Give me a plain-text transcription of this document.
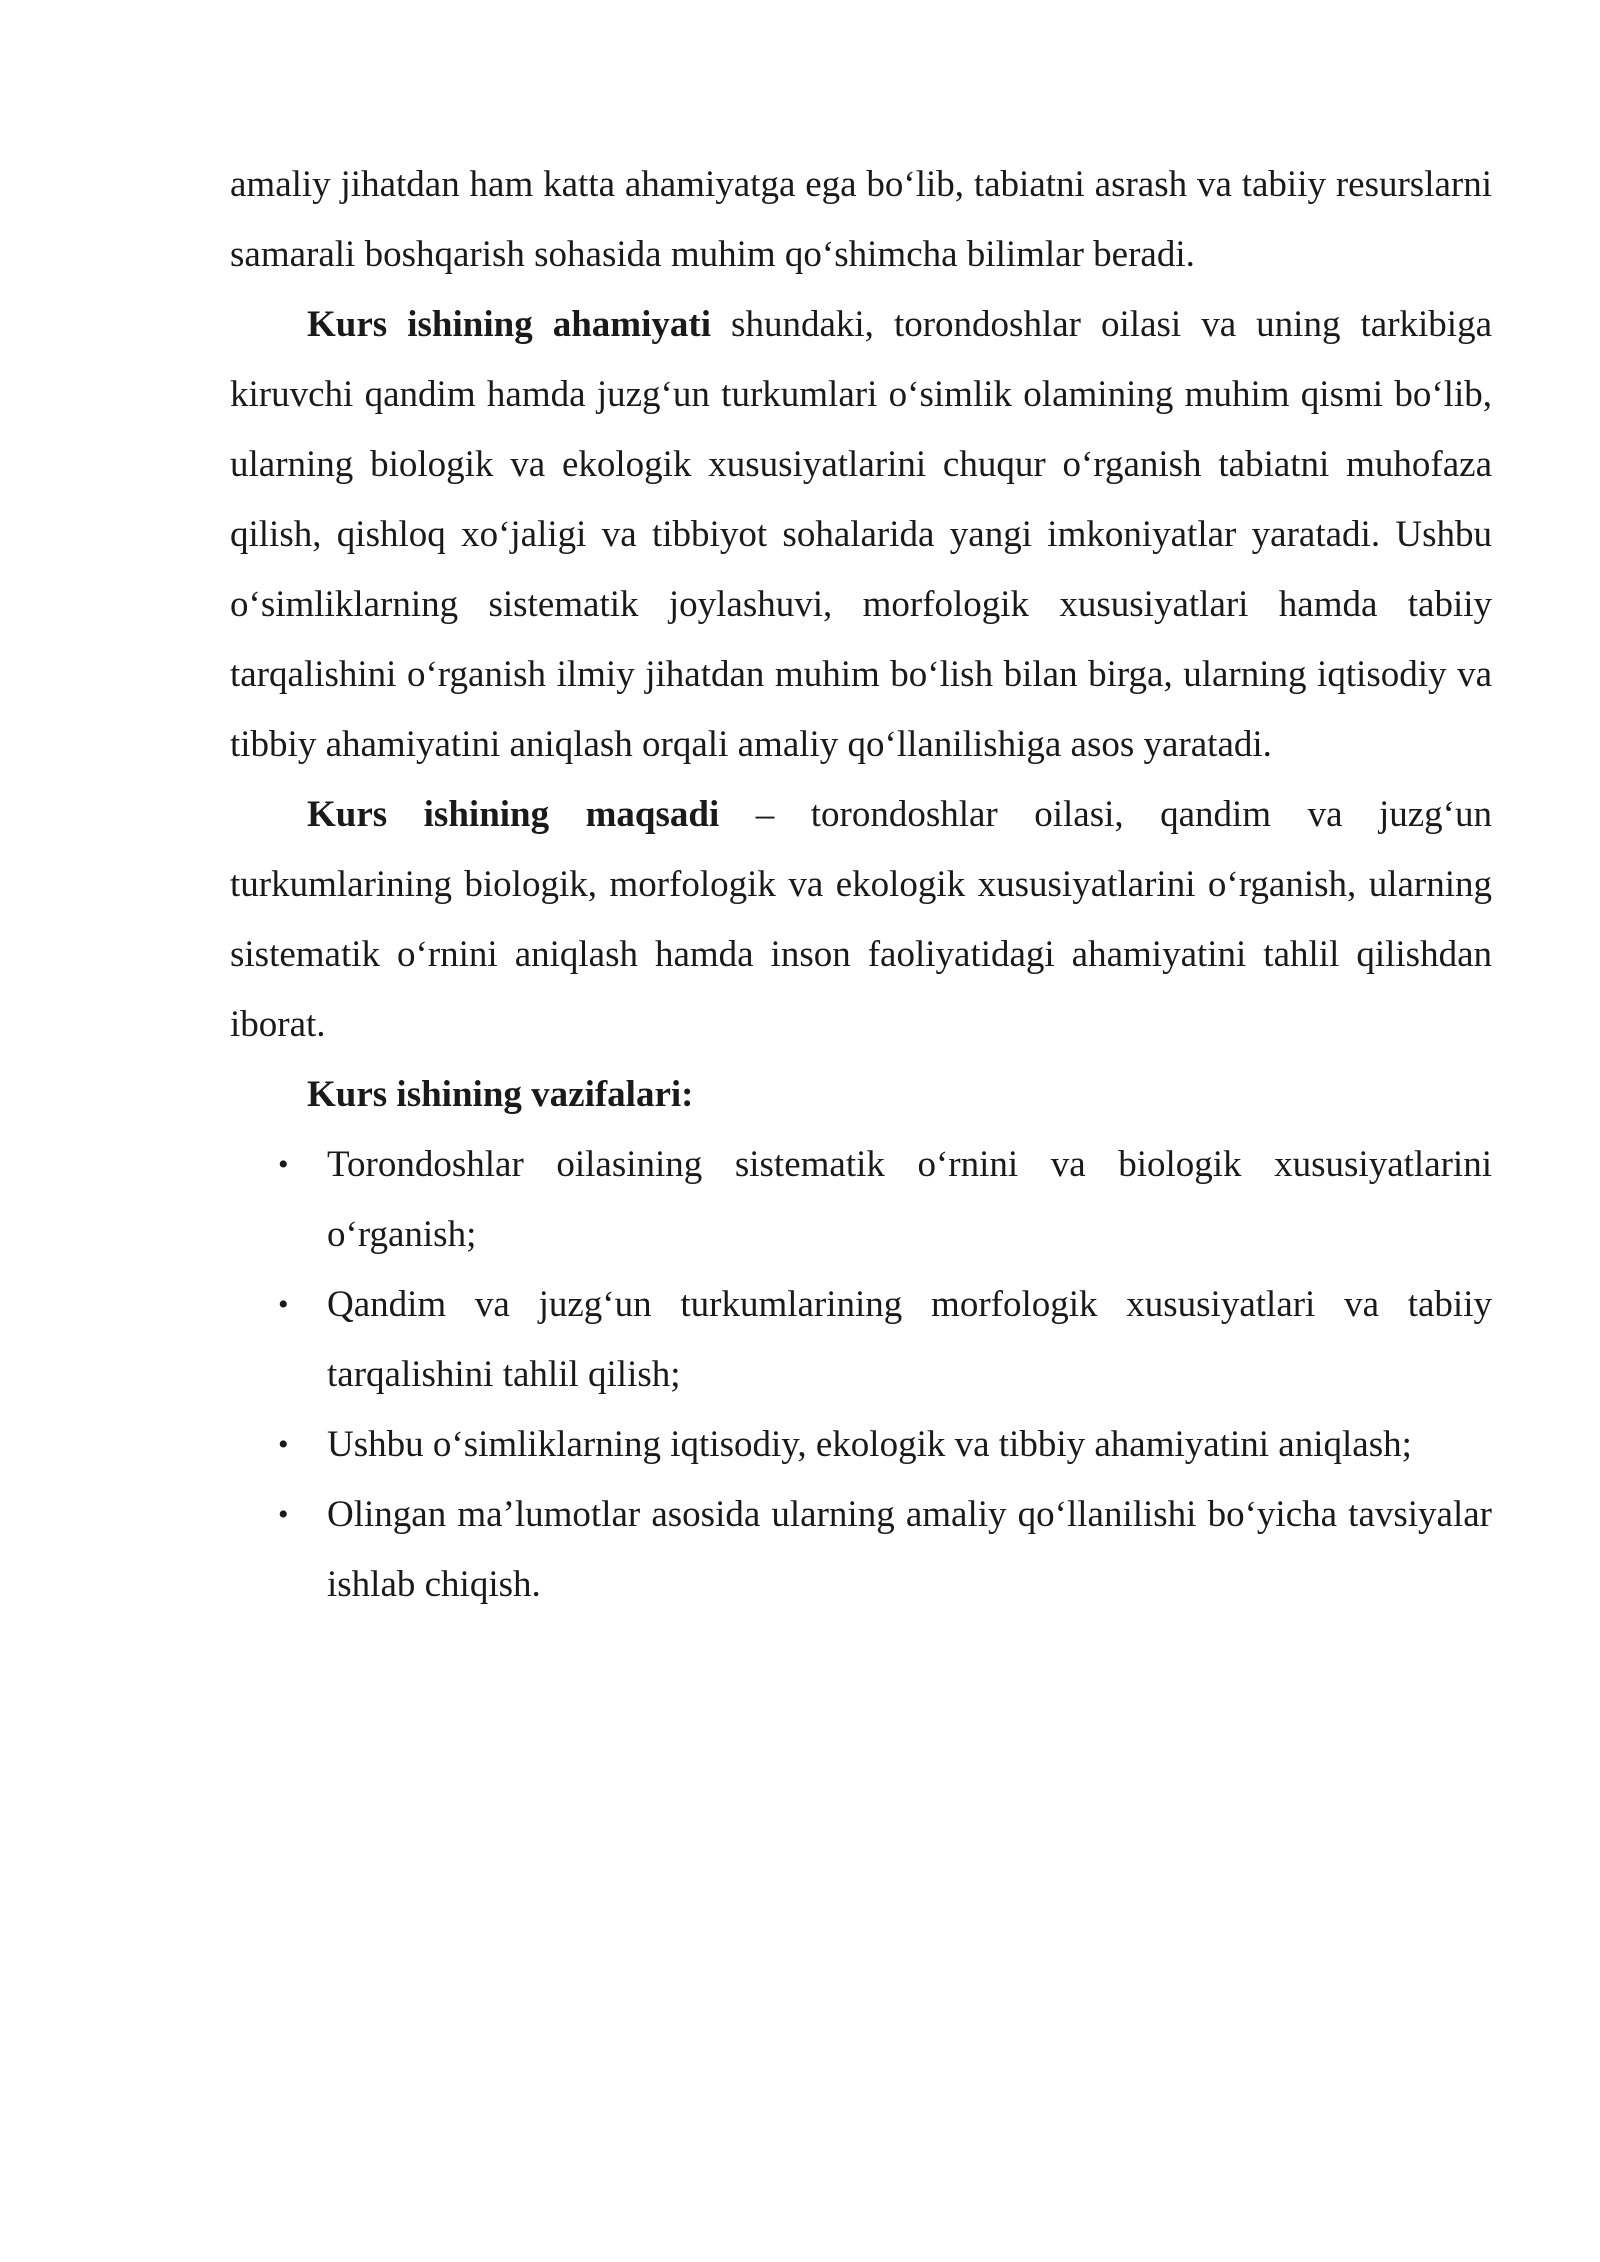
amaliy jihatdan ham katta ahamiyatga ega bo‘lib, tabiatni asrash va tabiiy resurslarni samarali boshqarish sohasida muhim qo‘shimcha bilimlar beradi.

Kurs ishining ahamiyati shundaki, torondoshlar oilasi va uning tarkibiga kiruvchi qandim hamda juzg‘un turkumlari o‘simlik olamining muhim qismi bo‘lib, ularning biologik va ekologik xususiyatlarini chuqur o‘rganish tabiatni muhofaza qilish, qishloq xo‘jaligi va tibbiyot sohalarida yangi imkoniyatlar yaratadi. Ushbu o‘simliklarning sistematik joylashuvi, morfologik xususiyatlari hamda tabiiy tarqalishini o‘rganish ilmiy jihatdan muhim bo‘lish bilan birga, ularning iqtisodiy va tibbiy ahamiyatini aniqlash orqali amaliy qo‘llanilishiga asos yaratadi.

Kurs ishining maqsadi – torondoshlar oilasi, qandim va juzg‘un turkumlarining biologik, morfologik va ekologik xususiyatlarini o‘rganish, ularning sistematik o‘rnini aniqlash hamda inson faoliyatidagi ahamiyatini tahlil qilishdan iborat.

Kurs ishining vazifalari:

• Torondoshlar oilasining sistematik o‘rnini va biologik xususiyatlarini o‘rganish;
• Qandim va juzg‘un turkumlarining morfologik xususiyatlari va tabiiy tarqalishini tahlil qilish;
• Ushbu o‘simliklarning iqtisodiy, ekologik va tibbiy ahamiyatini aniqlash;
• Olingan ma’lumotlar asosida ularning amaliy qo‘llanilishi bo‘yicha tavsiyalar ishlab chiqish.
